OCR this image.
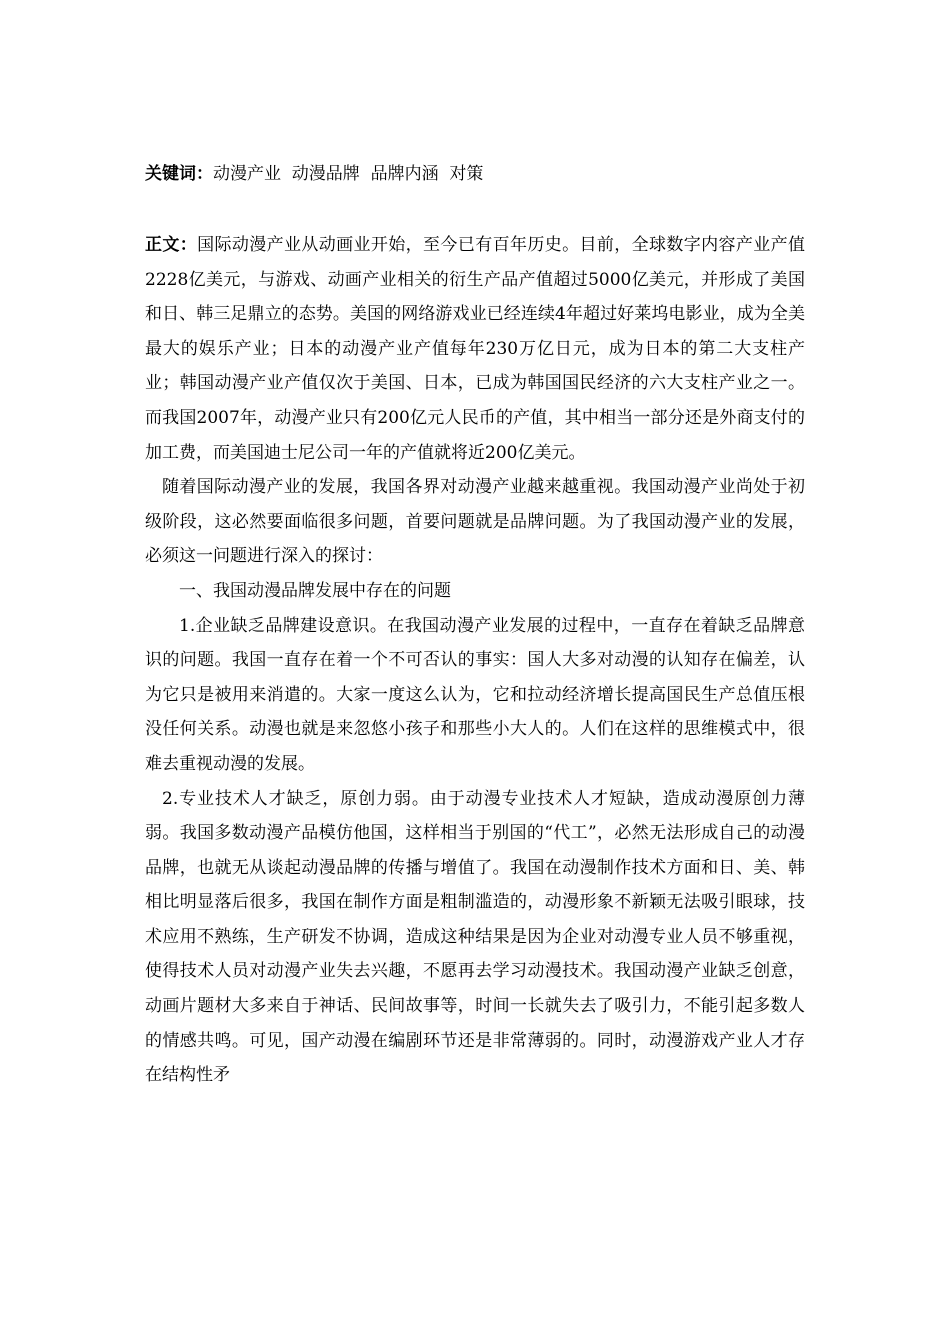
关键词：动漫产业  动漫品牌  品牌内涵  对策

正文：国际动漫产业从动画业开始，至今已有百年历史。目前，全球数字内容产业产值2228亿美元，与游戏、动画产业相关的衍生产品产值超过5000亿美元，并形成了美国和日、韩三足鼎立的态势。美国的网络游戏业已经连续4年超过好莱坞电影业，成为全美最大的娱乐产业；日本的动漫产业产值每年230万亿日元，成为日本的第二大支柱产业；韩国动漫产业产值仅次于美国、日本，已成为韩国国民经济的六大支柱产业之一。而我国2007年，动漫产业只有200亿元人民币的产值，其中相当一部分还是外商支付的加工费，而美国迪士尼公司一年的产值就将近200亿美元。

随着国际动漫产业的发展，我国各界对动漫产业越来越重视。我国动漫产业尚处于初级阶段，这必然要面临很多问题，首要问题就是品牌问题。为了我国动漫产业的发展，必须这一问题进行深入的探讨：

一、我国动漫品牌发展中存在的问题

1.企业缺乏品牌建设意识。在我国动漫产业发展的过程中，一直存在着缺乏品牌意识的问题。我国一直存在着一个不可否认的事实：国人大多对动漫的认知存在偏差，认为它只是被用来消遣的。大家一度这么认为，它和拉动经济增长提高国民生产总值压根没任何关系。动漫也就是来忽悠小孩子和那些小大人的。人们在这样的思维模式中，很难去重视动漫的发展。

2.专业技术人才缺乏，原创力弱。由于动漫专业技术人才短缺，造成动漫原创力薄弱。我国多数动漫产品模仿他国，这样相当于别国的“代工”，必然无法形成自己的动漫品牌，也就无从谈起动漫品牌的传播与增值了。我国在动漫制作技术方面和日、美、韩相比明显落后很多，我国在制作方面是粗制滥造的，动漫形象不新颖无法吸引眼球，技术应用不熟练，生产研发不协调，造成这种结果是因为企业对动漫专业人员不够重视，使得技术人员对动漫产业失去兴趣，不愿再去学习动漫技术。我国动漫产业缺乏创意，动画片题材大多来自于神话、民间故事等，时间一长就失去了吸引力，不能引起多数人的情感共鸣。可见，国产动漫在编剧环节还是非常薄弱的。同时，动漫游戏产业人才存在结构性矛
